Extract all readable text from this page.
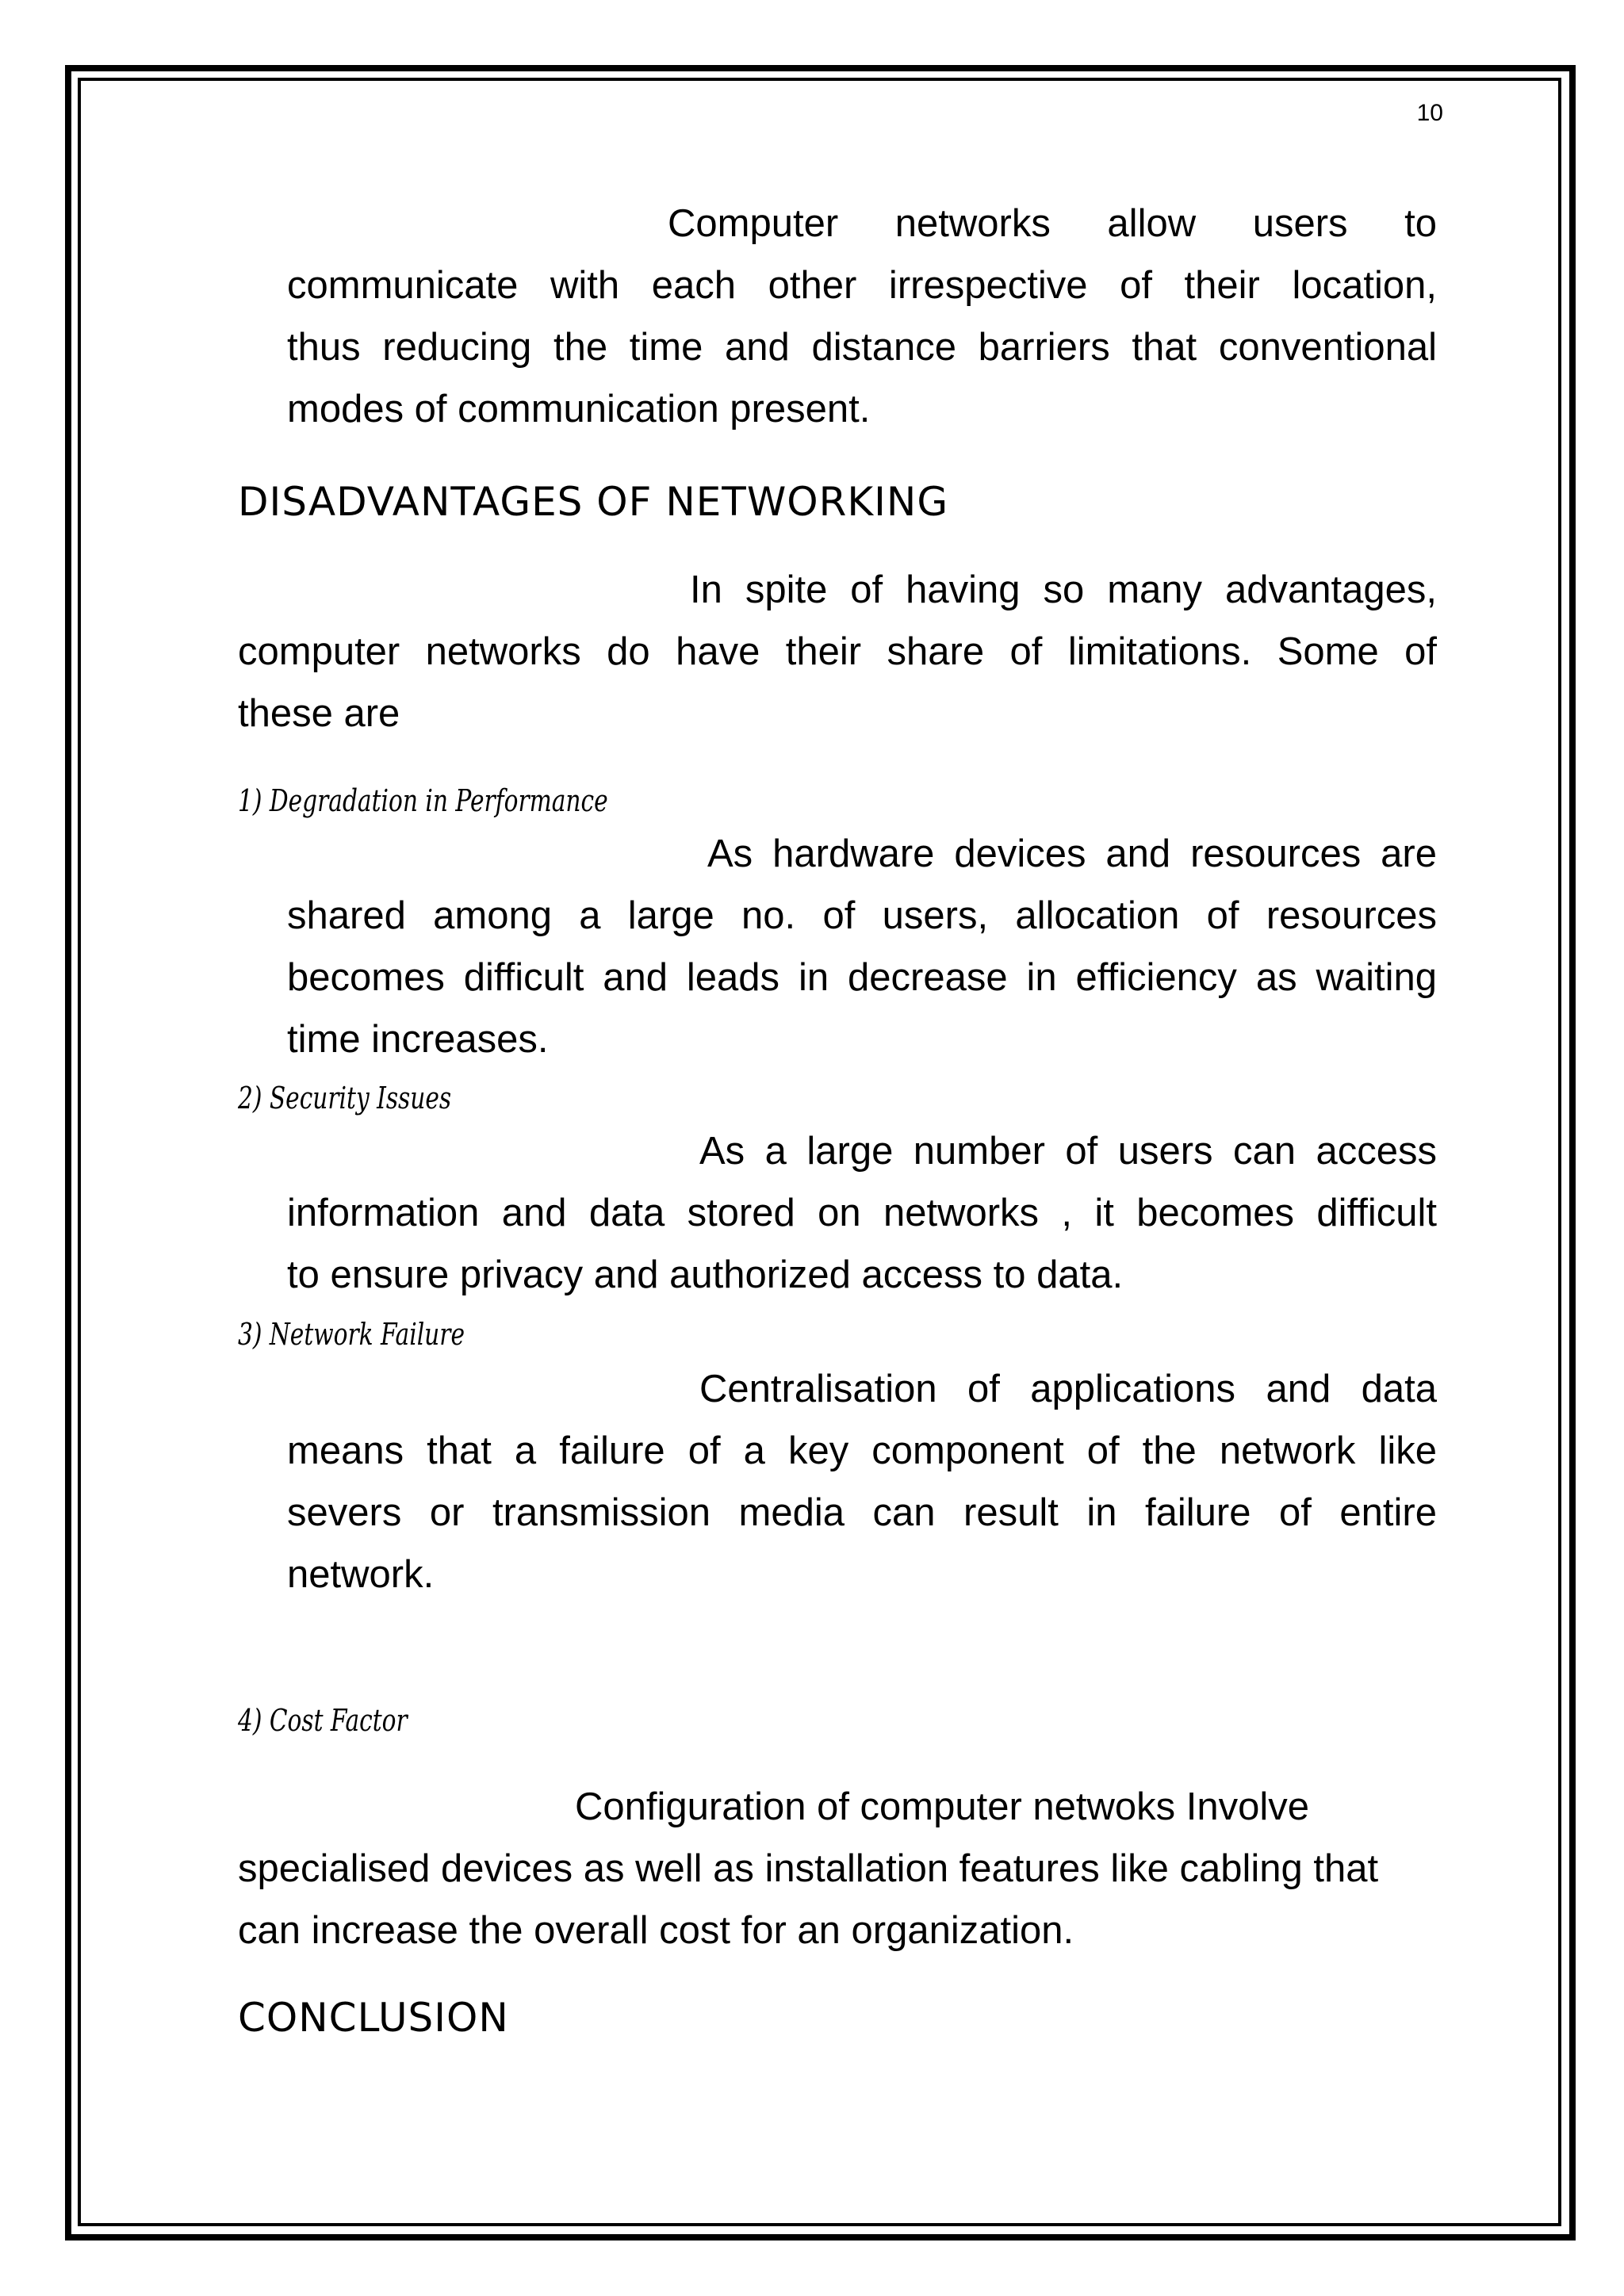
10
Computer networks allow users to
communicate with each other irrespective of their location,
thus reducing the time and distance barriers that conventional
modes of communication present.
DISADVANTAGES OF NETWORKING
In spite of having so many advantages,
computer networks do have their share of limitations. Some of
these are
1) Degradation in Performance
As hardware devices and resources are
shared among a large no. of users, allocation of resources
becomes difficult and leads in decrease in efficiency as waiting
time increases.
2) Security Issues
As a large number of users can access
information and data stored on networks , it becomes difficult
to ensure privacy and authorized access to data.
3) Network Failure
Centralisation of applications and data
means that a failure of a key component of the network like
severs or transmission media can result in failure of entire
network.
4) Cost Factor
Configuration of computer netwoks Involve
specialised devices as well as installation features like cabling that
can increase the overall cost for an organization.
CONCLUSION
